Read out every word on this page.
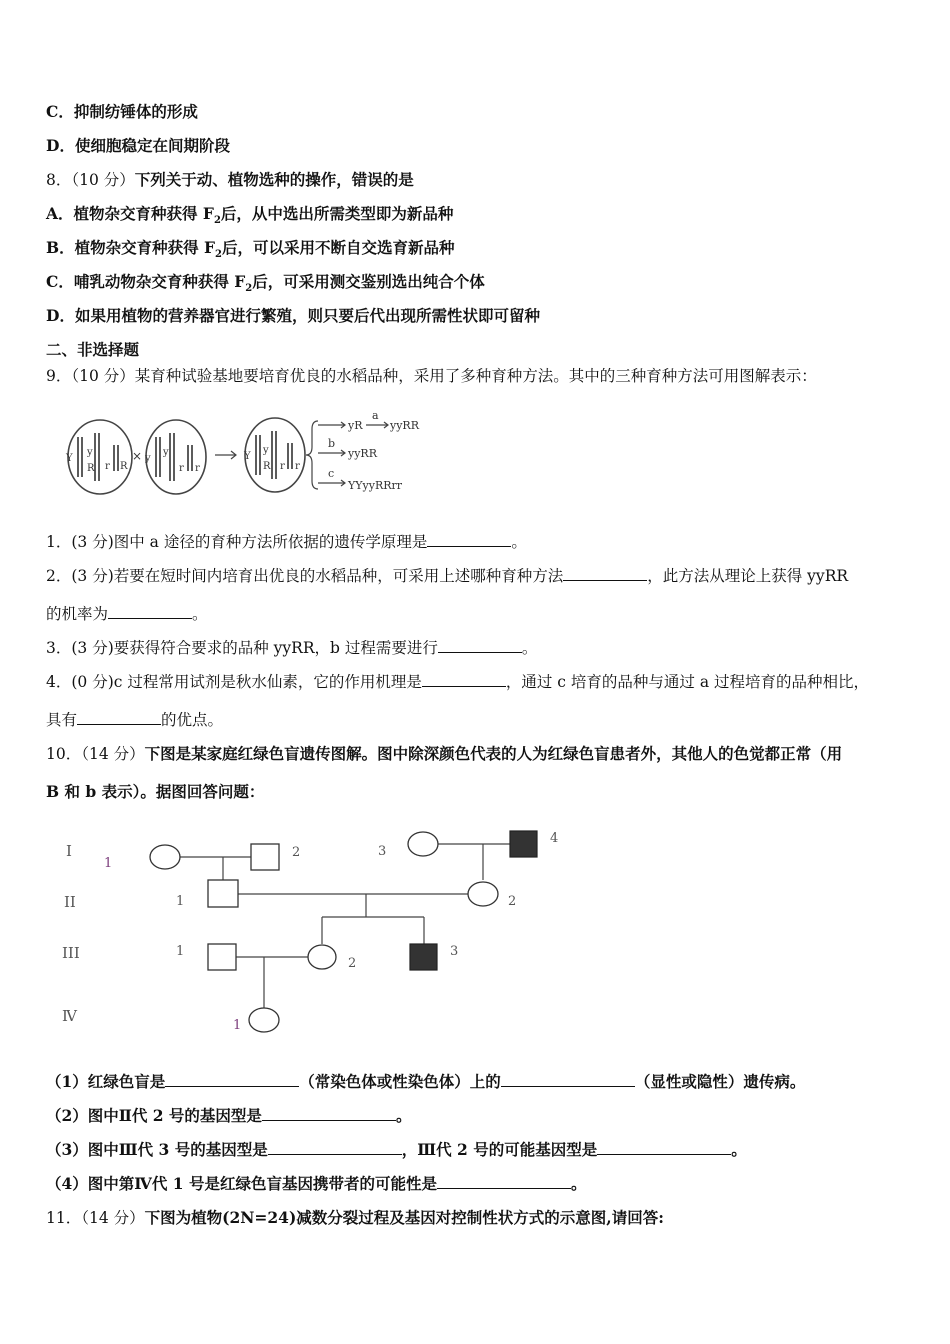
C．抑制纺锤体的形成
D．使细胞稳定在间期阶段
8．（10 分）下列关于动、植物选种的操作，错误的是
A．植物杂交育种获得 $F_2$后，从中选出所需类型即为新品种
B．植物杂交育种获得 $F_2$后，可以采用不断自交选育新品种
C．哺乳动物杂交育种获得 $F_2$后，可采用测交鉴别选出纯合个体
D．如果用植物的营养器官进行繁殖，则只要后代出现所需性状即可留种
二、非选择题
9．（10 分）某育种试验基地要培育优良的水稻品种，采用了多种育种方法。其中的三种育种方法可用图解表示：
Y
y
R r R
y
y
r r
Y
y
R r r
×
yR
a
yyRR
b
yyRR
c
YYyyRRrr
1．(3 分)图中 a 途径的育种方法所依据的遗传学原理是	。
2．(3 分)若要在短时间内培育出优良的水稻品种，可采用上述哪种育种方法	，此方法从理论上获得 yyRR
的机率为	。
3．(3 分)要获得符合要求的品种 yyRR，b 过程需要进行	。
4．(0 分)c 过程常用试剂是秋水仙素，它的作用机理是	，通过 c 培育的品种与通过 a 过程培育的品种相比，
具有	的优点。
10．（14 分）下图是某家庭红绿色盲遗传图解。图中除深颜色代表的人为红绿色盲患者外，其他人的色觉都正常（用
B 和 b 表示）。据图回答问题：
I
II
III
Ⅳ
1
2	3
4
1	2
1
2
3
1
（1）红绿色盲是	（常染色体或性染色体）上的	（显性或隐性）遗传病。
（2）图中Ⅱ代 2 号的基因型是	。
（3）图中Ⅲ代 3 号的基因型是	，Ⅲ代 2 号的可能基因型是	。
（4）图中第Ⅳ代 1 号是红绿色盲基因携带者的可能性是	。
11．（14 分）下图为植物(2N=24)减数分裂过程及基因对控制性状方式的示意图,请回答:
